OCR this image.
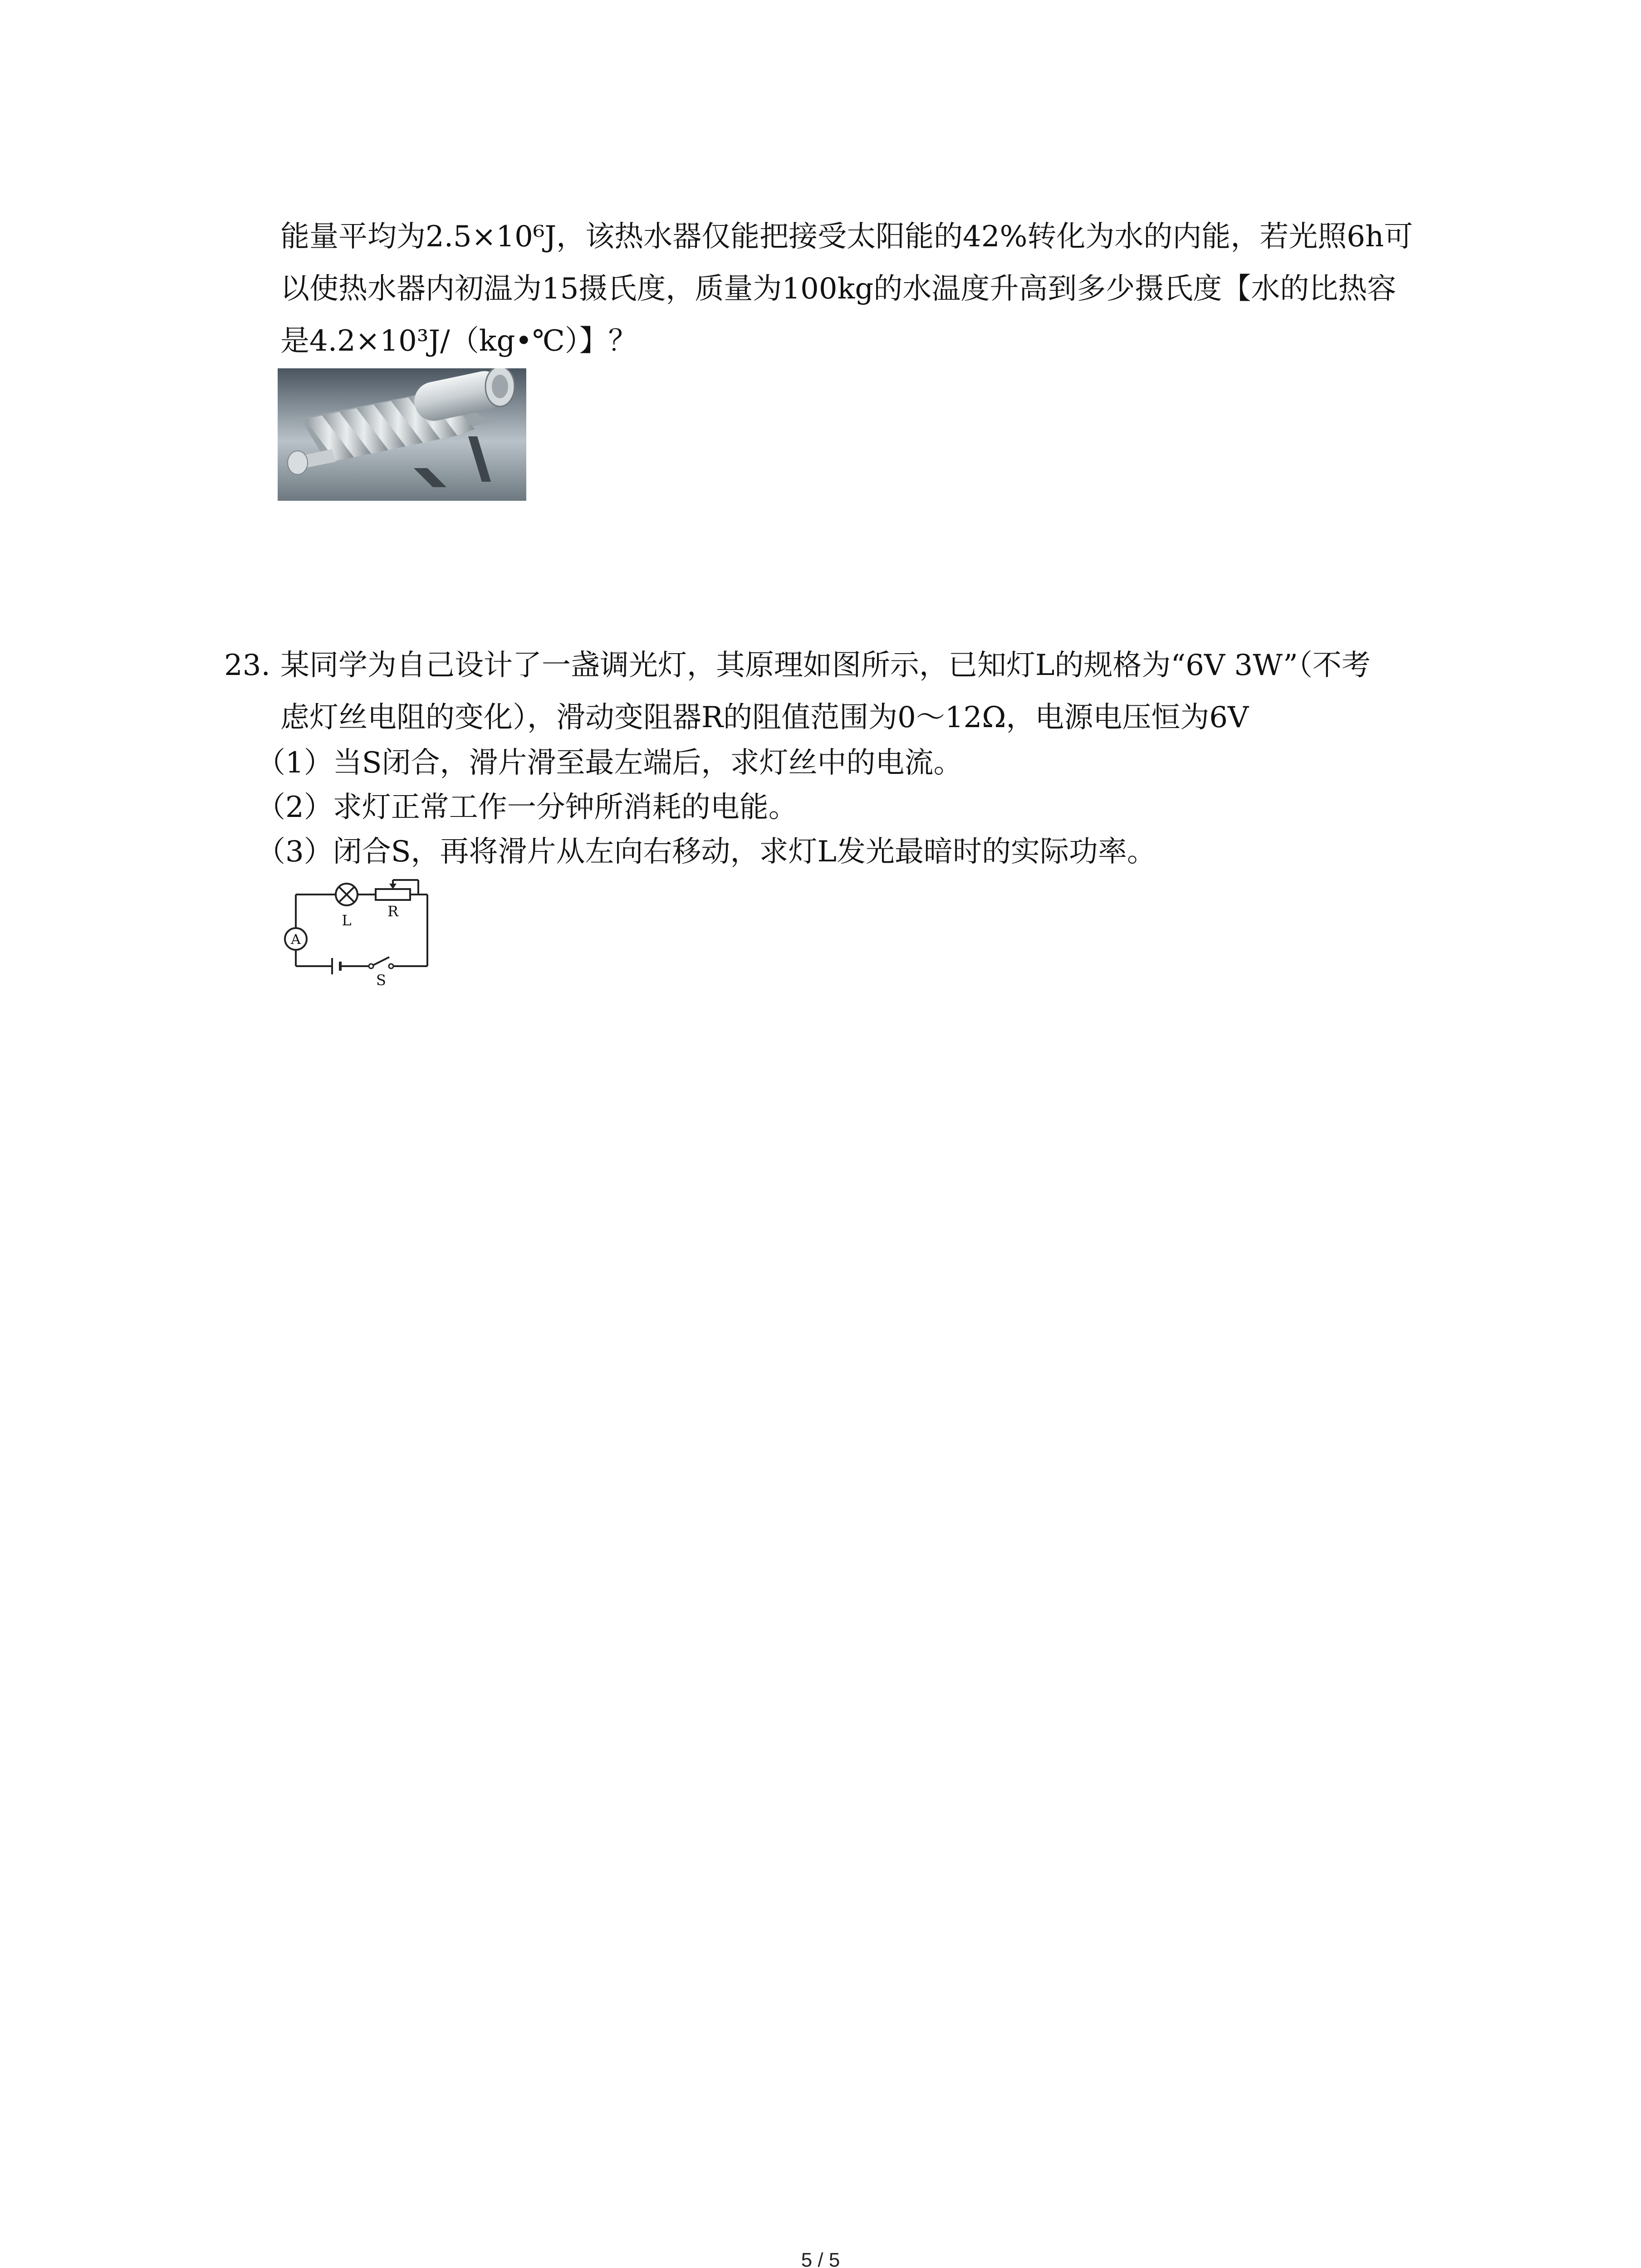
能量平均为2.5×10⁶J，该热水器仅能把接受太阳能的42%转化为水的内能，若光照6h可
以使热水器内初温为15摄氏度，质量为100kg的水温度升高到多少摄氏度【水的比热容
是4.2×10³J/（kg•℃）】？
23. 某同学为自己设计了一盏调光灯，其原理如图所示，已知灯L的规格为“6V 3W”（不考
虑灯丝电阻的变化），滑动变阻器R的阻值范围为0～12Ω，电源电压恒为6V
（1）当S闭合，滑片滑至最左端后，求灯丝中的电流。
（2）求灯正常工作一分钟所消耗的电能。
（3）闭合S，再将滑片从左向右移动，求灯L发光最暗时的实际功率。
A
L
R
S
5 / 5
